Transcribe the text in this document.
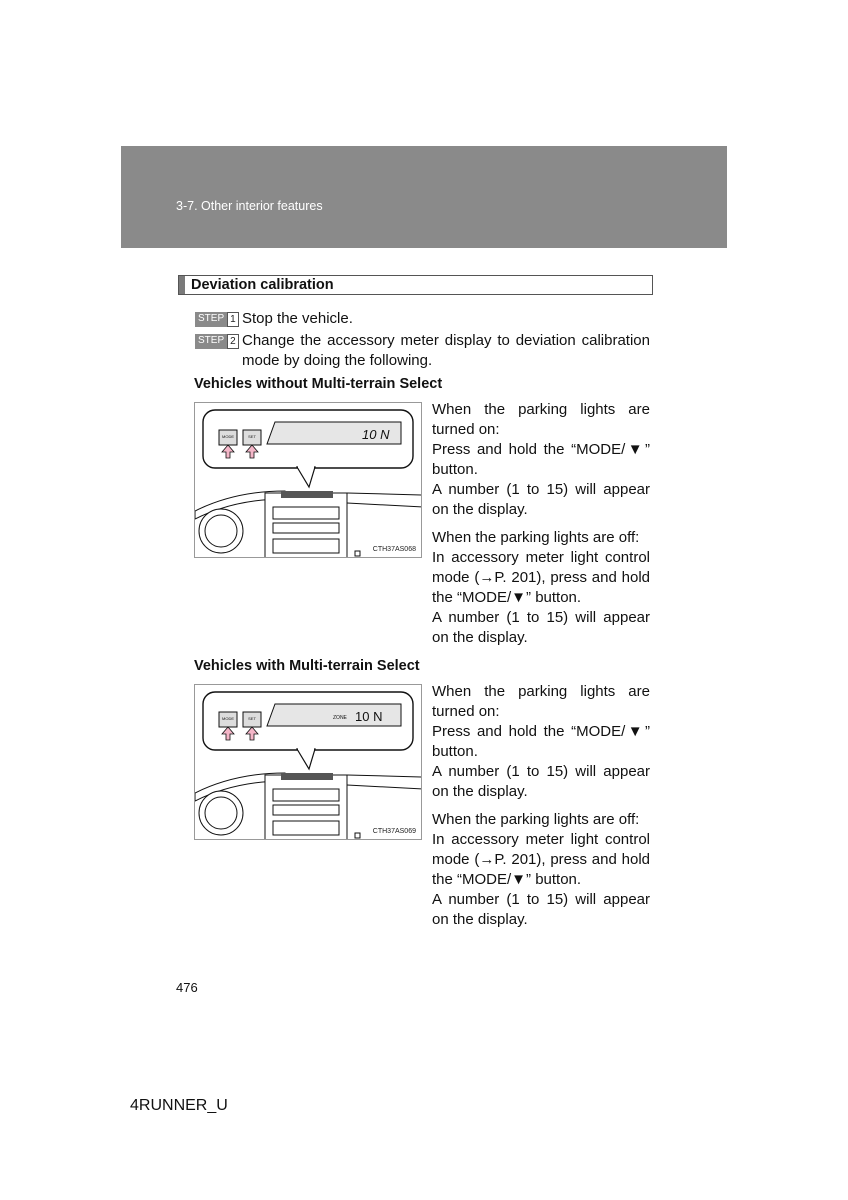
3-7. Other interior features
Deviation calibration
STEP 1 Stop the vehicle.
STEP 2 Change the accessory meter display to deviation calibration mode by doing the following.
Vehicles without Multi-terrain Select
MODE	SET	10 N
CTH37AS068

When the parking lights are turned on:

Press and hold the “MODE/▼” button.

A number (1 to 15) will appear on the display.

When the parking lights are off:

In accessory meter light control mode (→P. 201), press and hold the “MODE/▼” button.

A number (1 to 15) will appear on the display.

Vehicles with Multi-terrain Select
MODE	SET	ZONE 10 N
CTH37AS069

When the parking lights are turned on:

Press and hold the “MODE/▼” button.

A number (1 to 15) will appear on the display.

When the parking lights are off:

In accessory meter light control mode (→P. 201), press and hold the “MODE/▼” button.

A number (1 to 15) will appear on the display.

476
4RUNNER_U
